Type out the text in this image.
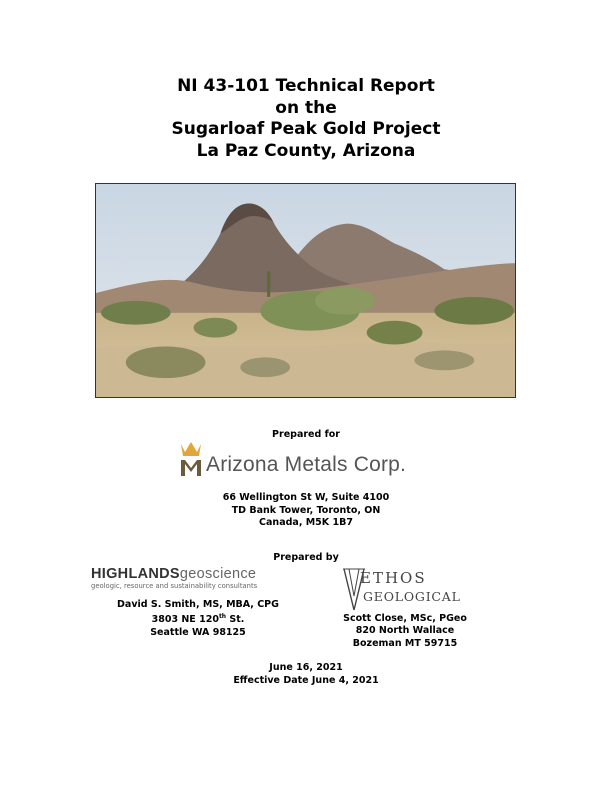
NI 43-101 Technical Report
on the
Sugarloaf Peak Gold Project
La Paz County, Arizona
Prepared for
Arizona Metals Corp.
66 Wellington St W, Suite 4100
TD Bank Tower, Toronto, ON
Canada, M5K 1B7
Prepared by
HIGHLANDSgeoscience
geologic, resource and sustainability consultants
David S. Smith, MS, MBA, CPG
3803 NE 120th St.
Seattle WA 98125
ETHOS
GEOLOGICAL
Scott Close, MSc, PGeo
820 North Wallace
Bozeman MT 59715
June 16, 2021
Effective Date June 4, 2021
